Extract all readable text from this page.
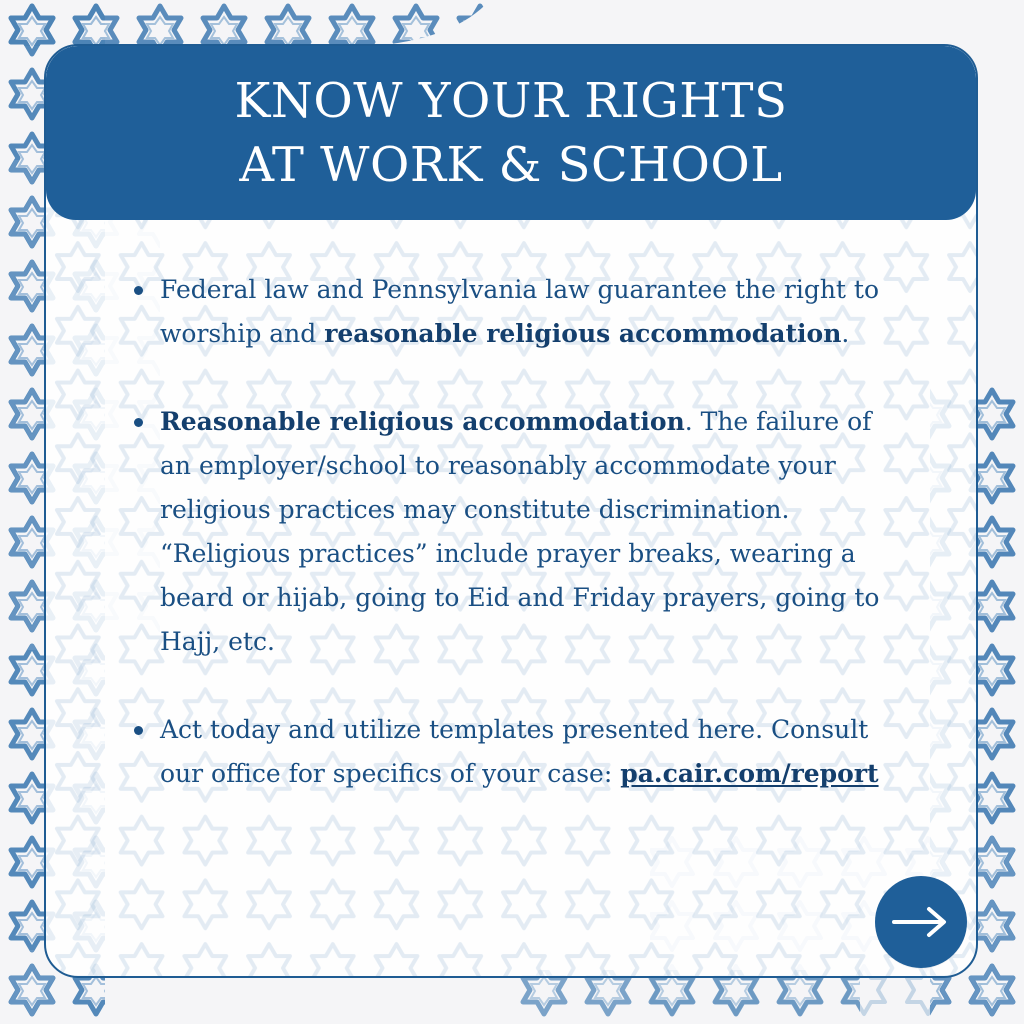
KNOW YOUR RIGHTS
AT WORK & SCHOOL

Federal law and Pennsylvania law guarantee the right to worship and reasonable religious accommodation.

Reasonable religious accommodation. The failure of an employer/school to reasonably accommodate your religious practices may constitute discrimination. “Religious practices” include prayer breaks, wearing a beard or hijab, going to Eid and Friday prayers, going to Hajj, etc.

Act today and utilize templates presented here. Consult our office for specifics of your case: pa.cair.com/report
